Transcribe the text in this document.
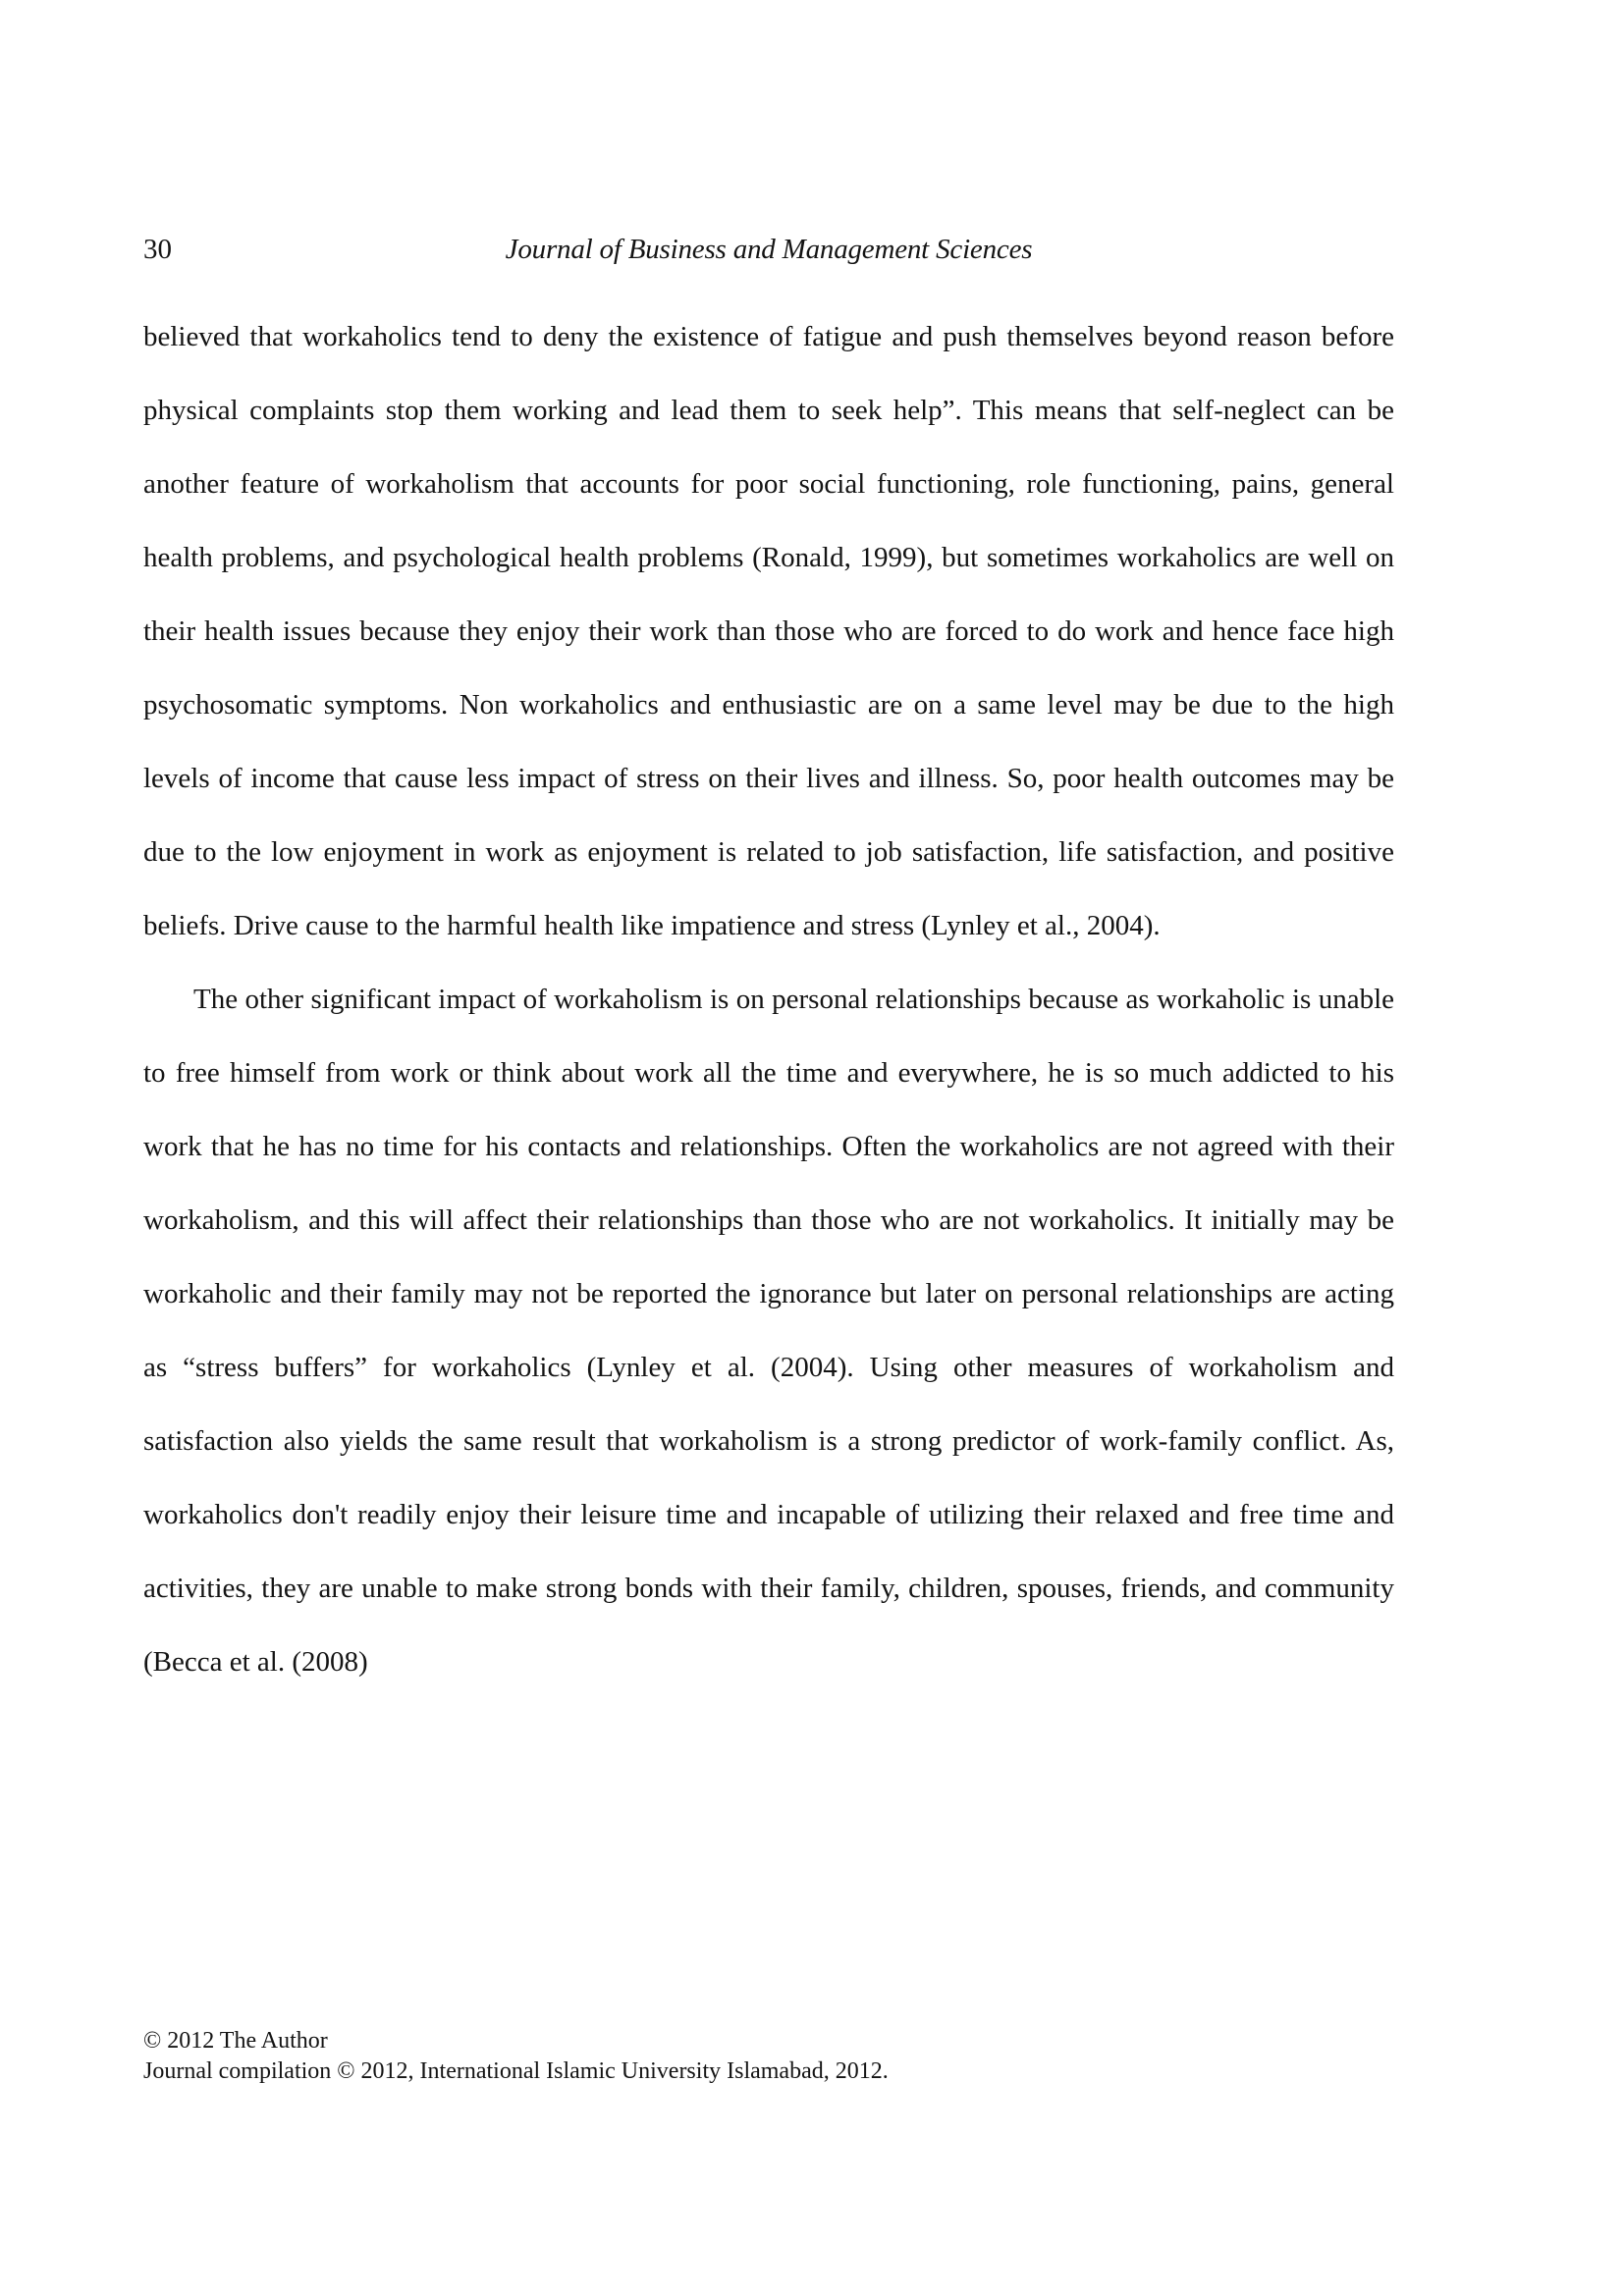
30	Journal of Business and Management Sciences

believed that workaholics tend to deny the existence of fatigue and push themselves beyond reason before physical complaints stop them working and lead them to seek help”. This means that self-neglect can be another feature of workaholism that accounts for poor social functioning, role functioning, pains, general health problems, and psychological health problems (Ronald, 1999), but sometimes workaholics are well on their health issues because they enjoy their work than those who are forced to do work and hence face high psychosomatic symptoms. Non workaholics and enthusiastic are on a same level may be due to the high levels of income that cause less impact of stress on their lives and illness. So, poor health outcomes may be due to the low enjoyment in work as enjoyment is related to job satisfaction, life satisfaction, and positive beliefs. Drive cause to the harmful health like impatience and stress (Lynley et al., 2004).

The other significant impact of workaholism is on personal relationships because as workaholic is unable to free himself from work or think about work all the time and everywhere, he is so much addicted to his work that he has no time for his contacts and relationships. Often the workaholics are not agreed with their workaholism, and this will affect their relationships than those who are not workaholics. It initially may be workaholic and their family may not be reported the ignorance but later on personal relationships are acting as “stress buffers” for workaholics (Lynley et al. (2004). Using other measures of workaholism and satisfaction also yields the same result that workaholism is a strong predictor of work-family conflict. As, workaholics don't readily enjoy their leisure time and incapable of utilizing their relaxed and free time and activities, they are unable to make strong bonds with their family, children, spouses, friends, and community (Becca et al. (2008)

© 2012 The Author
Journal compilation © 2012, International Islamic University Islamabad, 2012.
